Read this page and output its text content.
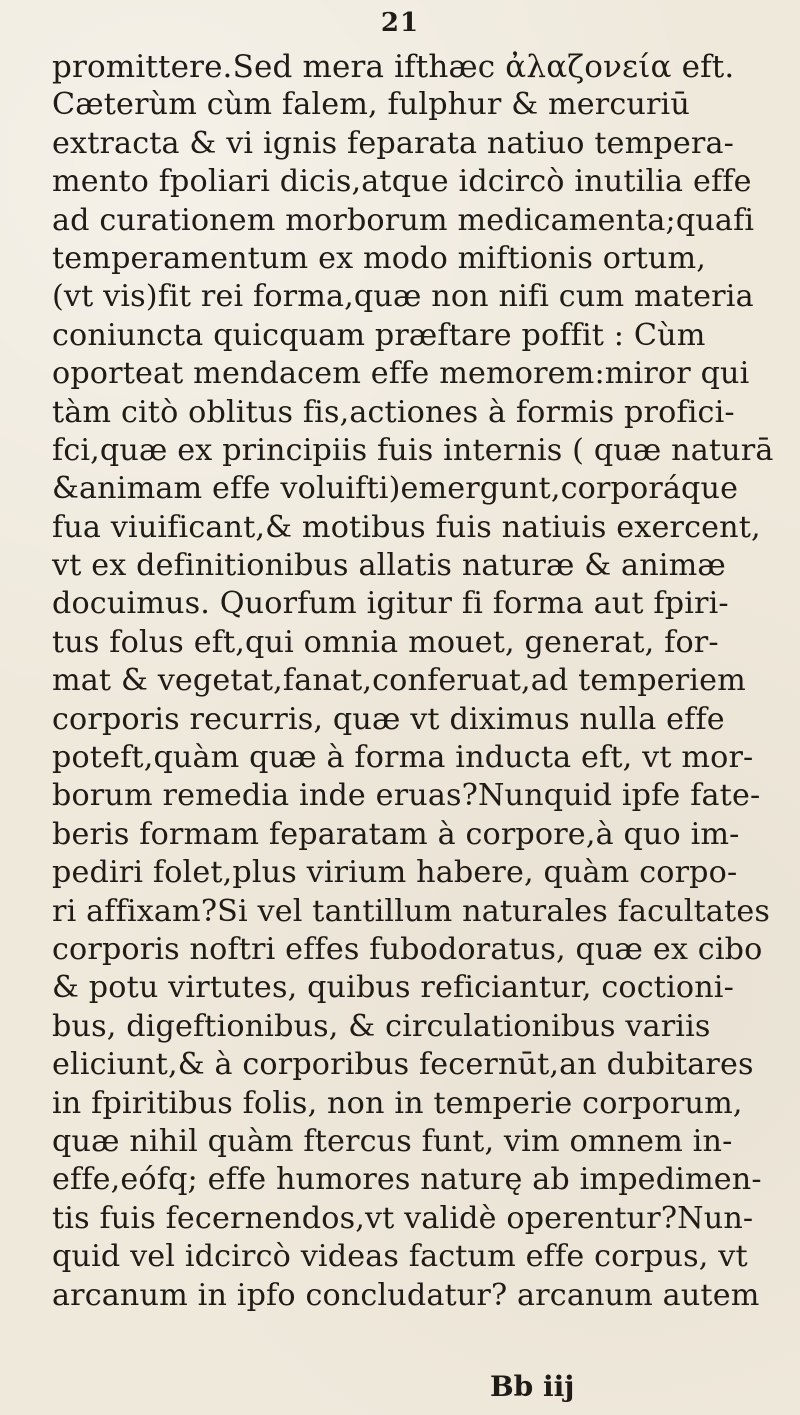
21
promittere.Sed mera ifthæc ἀλαζονεία eft.
Cæterùm cùm falem, fulphur & mercuriū
extracta & vi ignis feparata natiuo tempera-
mento fpoliari dicis,atque idcircò inutilia effe
ad curationem morborum medicamenta;quafi
temperamentum ex modo miftionis ortum,
(vt vis)fit rei forma,quæ non nifi cum materia
coniuncta quicquam præftare poffit : Cùm
oporteat mendacem effe memorem:miror qui
tàm citò oblitus fis,actiones à formis profici-
fci,quæ ex principiis fuis internis ( quæ naturā
&animam effe voluifti)emergunt,corporáque
fua viuificant,& motibus fuis natiuis exercent,
vt ex definitionibus allatis naturæ & animæ
docuimus. Quorfum igitur fi forma aut fpiri-
tus folus eft,qui omnia mouet, generat, for-
mat & vegetat,fanat,conferuat,ad temperiem
corporis recurris, quæ vt diximus nulla effe
poteft,quàm quæ à forma inducta eft, vt mor-
borum remedia inde eruas?Nunquid ipfe fate-
beris formam feparatam à corpore,à quo im-
pediri folet,plus virium habere, quàm corpo-
ri affixam?Si vel tantillum naturales facultates
corporis noftri effes fubodoratus, quæ ex cibo
& potu virtutes, quibus reficiantur, coctioni-
bus, digeftionibus, & circulationibus variis
eliciunt,& à corporibus fecernūt,an dubitares
in fpiritibus folis, non in temperie corporum,
quæ nihil quàm ftercus funt, vim omnem in-
effe,eófq; effe humores naturę ab impedimen-
tis fuis fecernendos,vt validè operentur?Nun-
quid vel idcircò videas factum effe corpus, vt
arcanum in ipfo concludatur? arcanum autem
Bb iij
